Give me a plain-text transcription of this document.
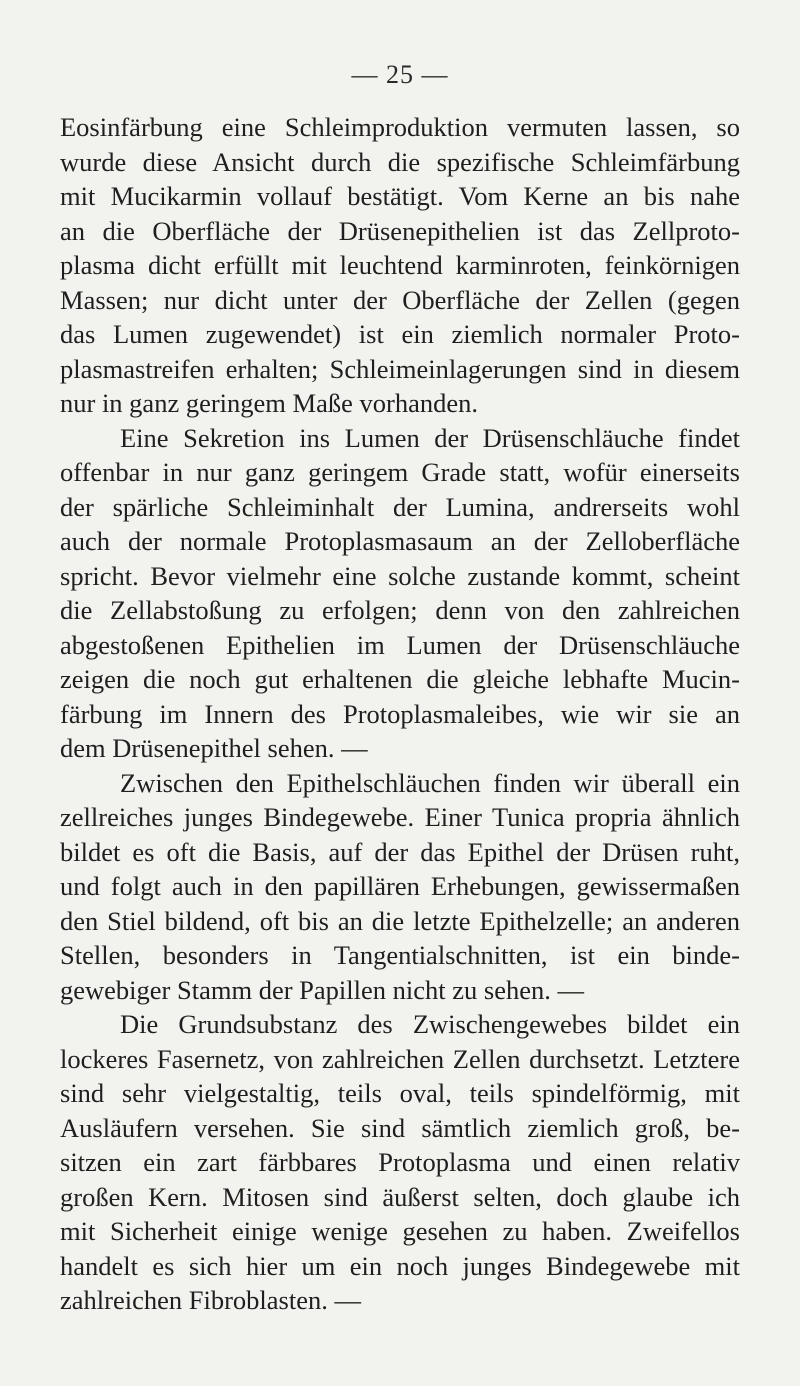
— 25 —
Eosinfärbung eine Schleimproduktion vermuten lassen, so
wurde diese Ansicht durch die spezifische Schleimfärbung
mit Mucikarmin vollauf bestätigt. Vom Kerne an bis nahe
an die Oberfläche der Drüsenepithelien ist das Zellproto-
plasma dicht erfüllt mit leuchtend karminroten, feinkörnigen
Massen; nur dicht unter der Oberfläche der Zellen (gegen
das Lumen zugewendet) ist ein ziemlich normaler Proto-
plasmastreifen erhalten; Schleimeinlagerungen sind in diesem
nur in ganz geringem Maße vorhanden.
Eine Sekretion ins Lumen der Drüsenschläuche findet
offenbar in nur ganz geringem Grade statt, wofür einerseits
der spärliche Schleiminhalt der Lumina, andrerseits wohl
auch der normale Protoplasmasaum an der Zelloberfläche
spricht. Bevor vielmehr eine solche zustande kommt, scheint
die Zellabstoßung zu erfolgen; denn von den zahlreichen
abgestoßenen Epithelien im Lumen der Drüsenschläuche
zeigen die noch gut erhaltenen die gleiche lebhafte Mucin-
färbung im Innern des Protoplasmaleibes, wie wir sie an
dem Drüsenepithel sehen. —
Zwischen den Epithelschläuchen finden wir überall ein
zellreiches junges Bindegewebe. Einer Tunica propria ähnlich
bildet es oft die Basis, auf der das Epithel der Drüsen ruht,
und folgt auch in den papillären Erhebungen, gewissermaßen
den Stiel bildend, oft bis an die letzte Epithelzelle; an anderen
Stellen, besonders in Tangentialschnitten, ist ein binde-
gewebiger Stamm der Papillen nicht zu sehen. —
Die Grundsubstanz des Zwischengewebes bildet ein
lockeres Fasernetz, von zahlreichen Zellen durchsetzt. Letztere
sind sehr vielgestaltig, teils oval, teils spindelförmig, mit
Ausläufern versehen. Sie sind sämtlich ziemlich groß, be-
sitzen ein zart färbbares Protoplasma und einen relativ
großen Kern. Mitosen sind äußerst selten, doch glaube ich
mit Sicherheit einige wenige gesehen zu haben. Zweifellos
handelt es sich hier um ein noch junges Bindegewebe mit
zahlreichen Fibroblasten. —
